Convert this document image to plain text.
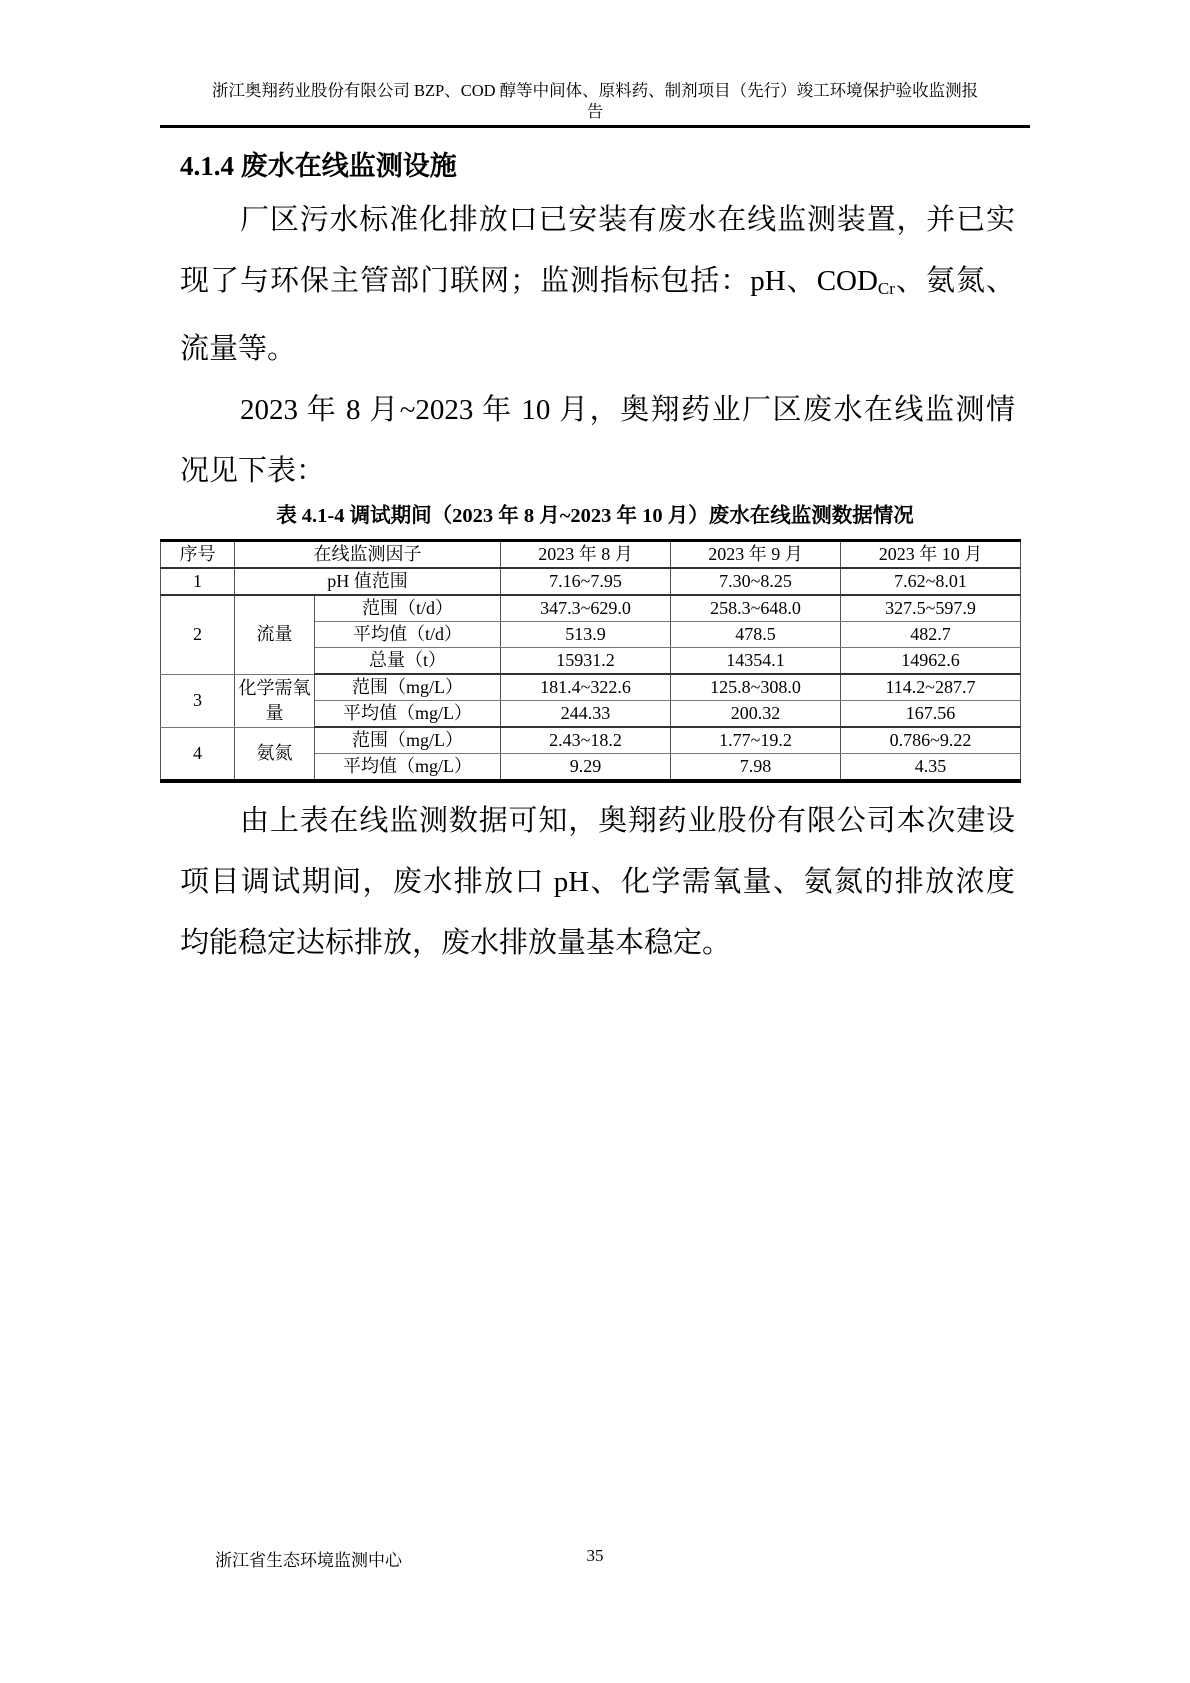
浙江奥翔药业股份有限公司 BZP、COD 醇等中间体、原料药、制剂项目（先行）竣工环境保护验收监测报
告
4.1.4 废水在线监测设施
厂区污水标准化排放口已安装有废水在线监测装置，并已实
现了与环保主管部门联网；监测指标包括：pH、$COD_{Cr}$、氨氮、
流量等。
2023 年 8 月~2023 年 10 月，奥翔药业厂区废水在线监测情
况见下表：
表 4.1-4 调试期间（2023 年 8 月~2023 年 10 月）废水在线监测数据情况
序号	在线监测因子		2023 年 8 月	2023 年 9 月	2023 年 10 月
1	pH 值范围		7.16~7.95	7.30~8.25	7.62~8.01
2	流量	范围（t/d）	347.3~629.0	258.3~648.0	327.5~597.9
		平均值（t/d）	513.9	478.5	482.7
		总量（t）	15931.2	14354.1	14962.6
3	化学需氧量	范围（mg/L）	181.4~322.6	125.8~308.0	114.2~287.7
		平均值（mg/L）	244.33	200.32	167.56
4	氨氮	范围（mg/L）	2.43~18.2	1.77~19.2	0.786~9.22
		平均值（mg/L）	9.29	7.98	4.35
由上表在线监测数据可知，奥翔药业股份有限公司本次建设
项目调试期间，废水排放口 pH、化学需氧量、氨氮的排放浓度
均能稳定达标排放，废水排放量基本稳定。
浙江省生态环境监测中心	35
